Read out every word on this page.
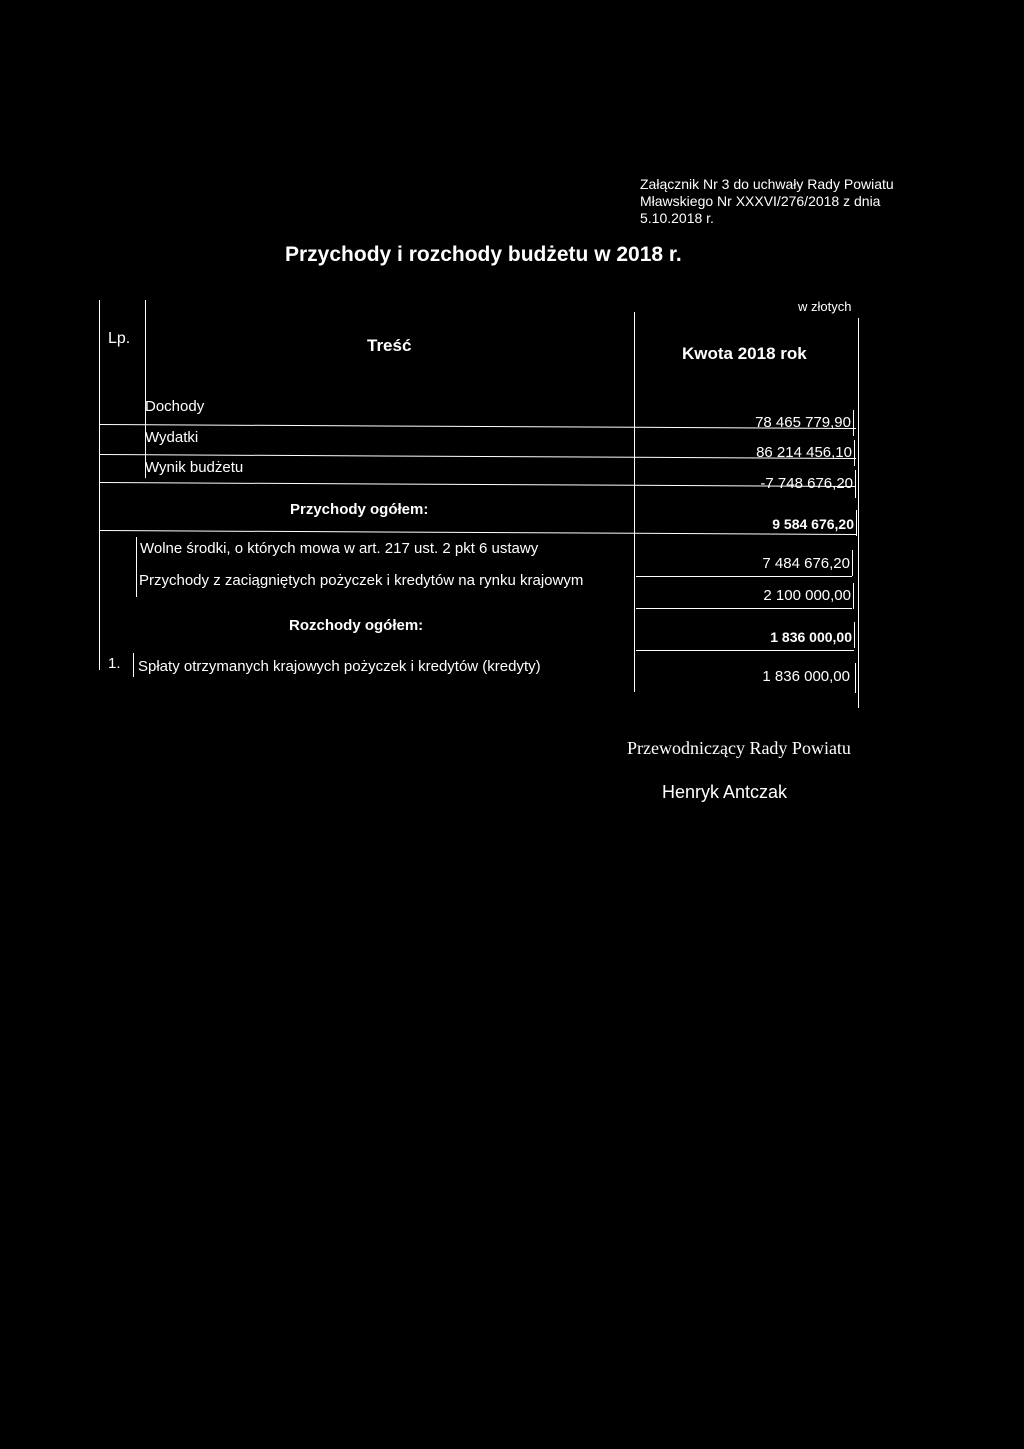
Załącznik Nr 3 do uchwały Rady Powiatu
Mławskiego Nr XXXVI/276/2018 z dnia
5.10.2018 r.
Przychody i rozchody budżetu w 2018 r.
w złotych
Lp.	Treść	Kwota 2018 rok
Dochody
78 465 779,90
Wydatki
86 214 456,10
Wynik budżetu
-7 748 676,20
Przychody ogółem:
9 584 676,20
Wolne środki, o których mowa w art. 217 ust. 2 pkt 6 ustawy
7 484 676,20
Przychody z zaciągniętych pożyczek i kredytów na rynku krajowym
2 100 000,00
Rozchody ogółem:
1 836 000,00
1. Spłaty otrzymanych krajowych pożyczek i kredytów (kredyty)
1 836 000,00
Przewodniczący Rady Powiatu
Henryk Antczak
